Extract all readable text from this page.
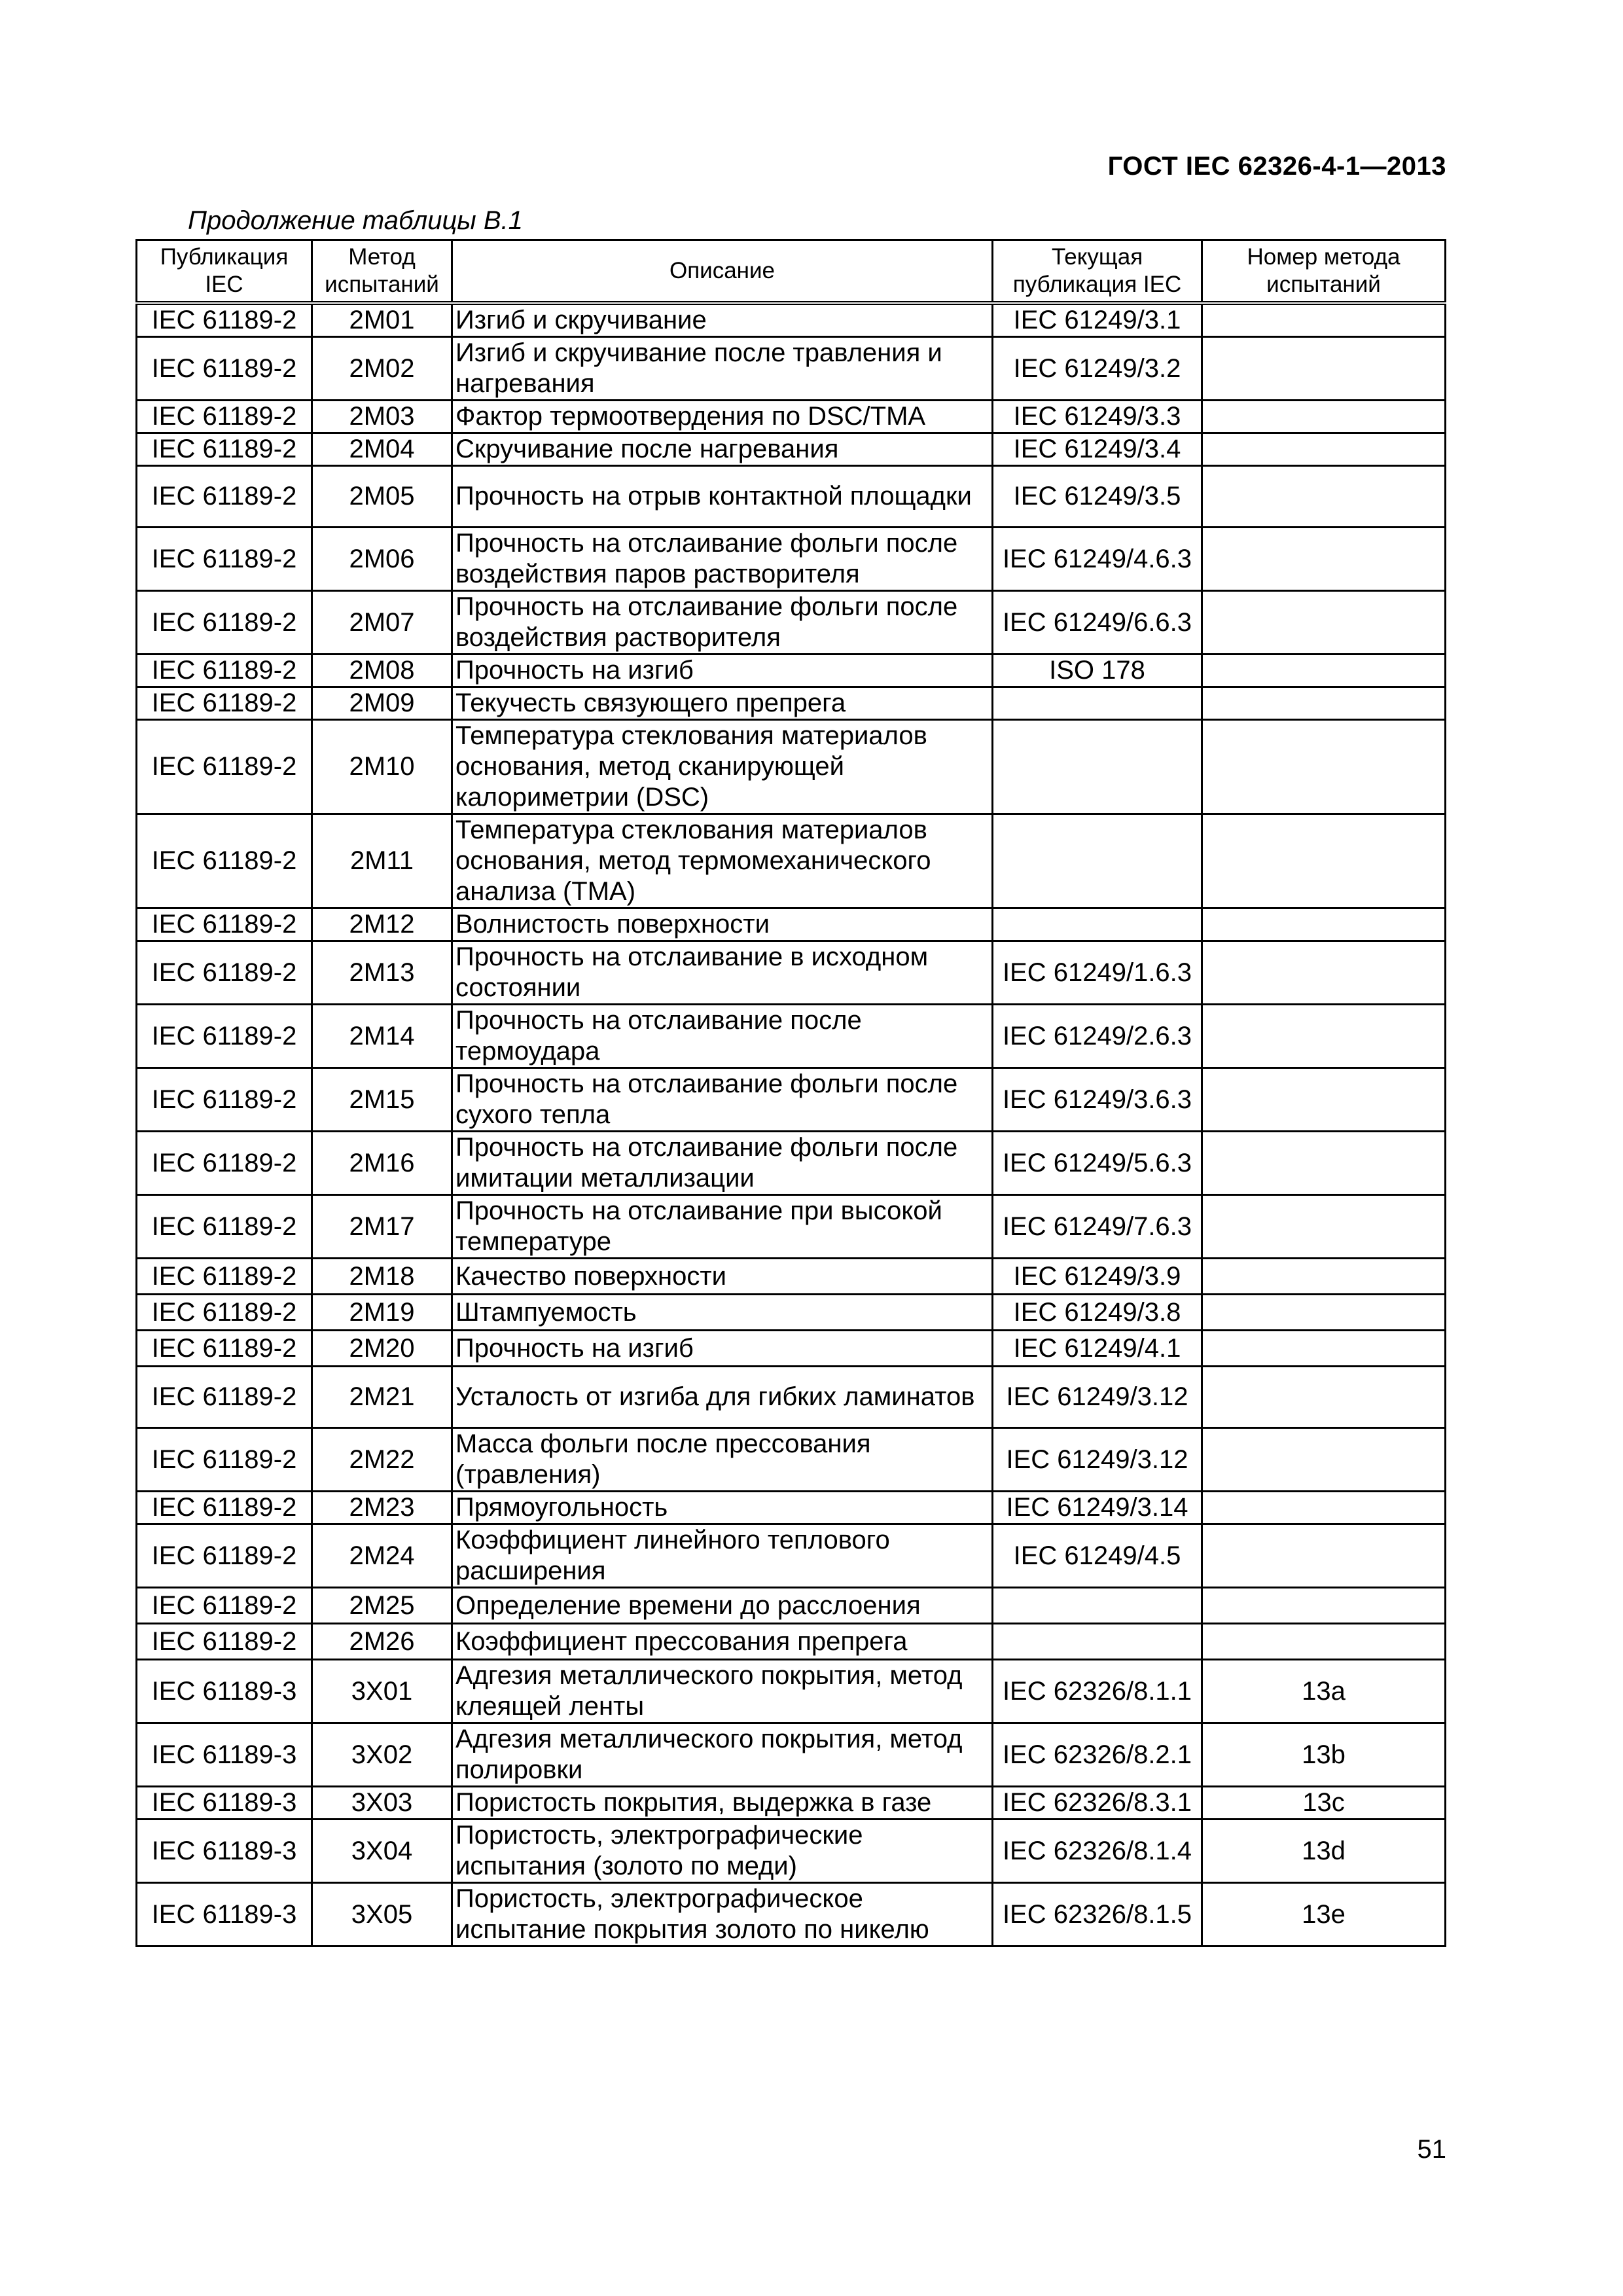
ГОСТ IEC 62326-4-1—2013
Продолжение таблицы В.1
Публикация IEC	Метод испытаний	Описание	Текущая публикация IEC	Номер метода испытаний
IEC 61189-2	2M01	Изгиб и скручивание	IEC 61249/3.1	
IEC 61189-2	2M02	Изгиб и скручивание после травления и нагревания	IEC 61249/3.2	
IEC 61189-2	2M03	Фактор термоотвердения по DSC/TMA	IEC 61249/3.3	
IEC 61189-2	2M04	Скручивание после нагревания	IEC 61249/3.4	
IEC 61189-2	2M05	Прочность на отрыв контактной площадки	IEC 61249/3.5	
IEC 61189-2	2M06	Прочность на отслаивание фольги после воздействия паров растворителя	IEC 61249/4.6.3	
IEC 61189-2	2M07	Прочность на отслаивание фольги после воздействия растворителя	IEC 61249/6.6.3	
IEC 61189-2	2M08	Прочность на изгиб	ISO 178	
IEC 61189-2	2M09	Текучесть связующего препрега		
IEC 61189-2	2M10	Температура стеклования материалов основания, метод сканирующей калориметрии (DSC)		
IEC 61189-2	2M11	Температура стеклования материалов основания, метод термомеханического анализа (TMA)		
IEC 61189-2	2M12	Волнистость поверхности		
IEC 61189-2	2M13	Прочность на отслаивание в исходном состоянии	IEC 61249/1.6.3	
IEC 61189-2	2M14	Прочность на отслаивание после термоудара	IEC 61249/2.6.3	
IEC 61189-2	2M15	Прочность на отслаивание фольги после сухого тепла	IEC 61249/3.6.3	
IEC 61189-2	2M16	Прочность на отслаивание фольги после имитации металлизации	IEC 61249/5.6.3	
IEC 61189-2	2M17	Прочность на отслаивание при высокой температуре	IEC 61249/7.6.3	
IEC 61189-2	2M18	Качество поверхности	IEC 61249/3.9	
IEC 61189-2	2M19	Штампуемость	IEC 61249/3.8	
IEC 61189-2	2M20	Прочность на изгиб	IEC 61249/4.1	
IEC 61189-2	2M21	Усталость от изгиба для гибких ламинатов	IEC 61249/3.12	
IEC 61189-2	2M22	Масса фольги после прессования (травления)	IEC 61249/3.12	
IEC 61189-2	2M23	Прямоугольность	IEC 61249/3.14	
IEC 61189-2	2M24	Коэффициент линейного теплового расширения	IEC 61249/4.5	
IEC 61189-2	2M25	Определение времени до расслоения		
IEC 61189-2	2M26	Коэффициент прессования препрега		
IEC 61189-3	3X01	Адгезия металлического покрытия, метод клеящей ленты	IEC 62326/8.1.1	13a
IEC 61189-3	3X02	Адгезия металлического покрытия, метод полировки	IEC 62326/8.2.1	13b
IEC 61189-3	3X03	Пористость покрытия, выдержка в газе	IEC 62326/8.3.1	13c
IEC 61189-3	3X04	Пористость, электрографические испытания (золото по меди)	IEC 62326/8.1.4	13d
IEC 61189-3	3X05	Пористость, электрографическое испытание покрытия золото по никелю	IEC 62326/8.1.5	13e
51
